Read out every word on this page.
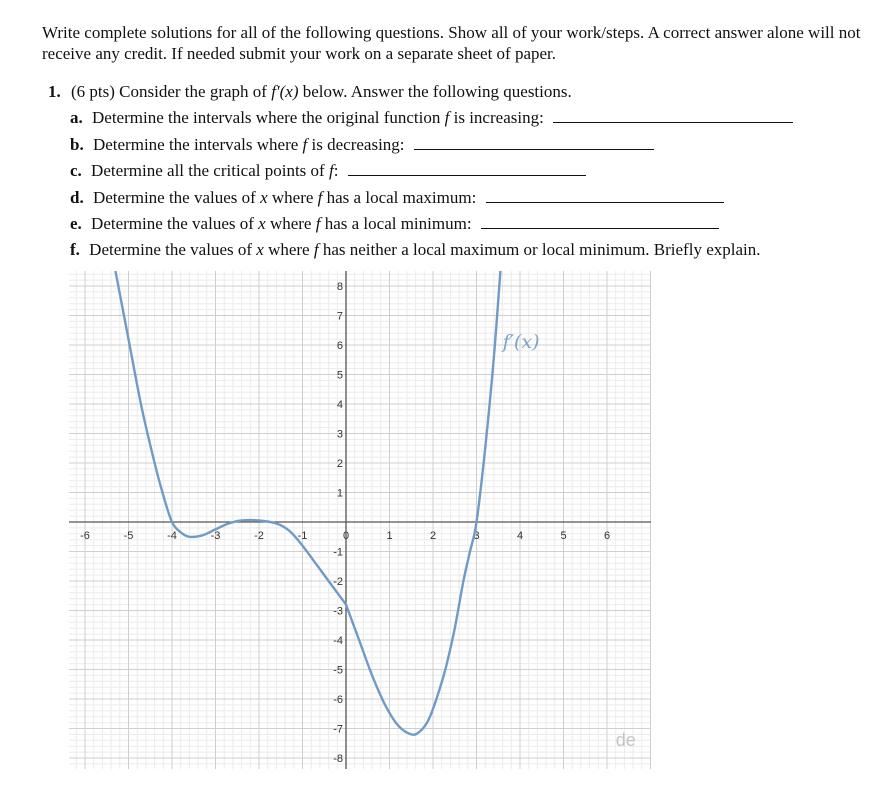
Write complete solutions for all of the following questions. Show all of your work/steps. A correct answer alone will not receive any credit. If needed submit your work on a separate sheet of paper.
1. (6 pts) Consider the graph of f′(x) below. Answer the following questions.
a. Determine the intervals where the original function f is increasing:
b. Determine the intervals where f is decreasing:
c. Determine all the critical points of f:
d. Determine the values of x where f has a local maximum:
e. Determine the values of x where f has a local minimum:
f. Determine the values of x where f has neither a local maximum or local minimum. Briefly explain.
-6	-5	-4	-3	-2	-1	0	1	2	3	4	5	6
-8
-7
-6
-5
-4
-3
-2
-1
1
2
3
4
5
6
7
8
f′(x)
de
